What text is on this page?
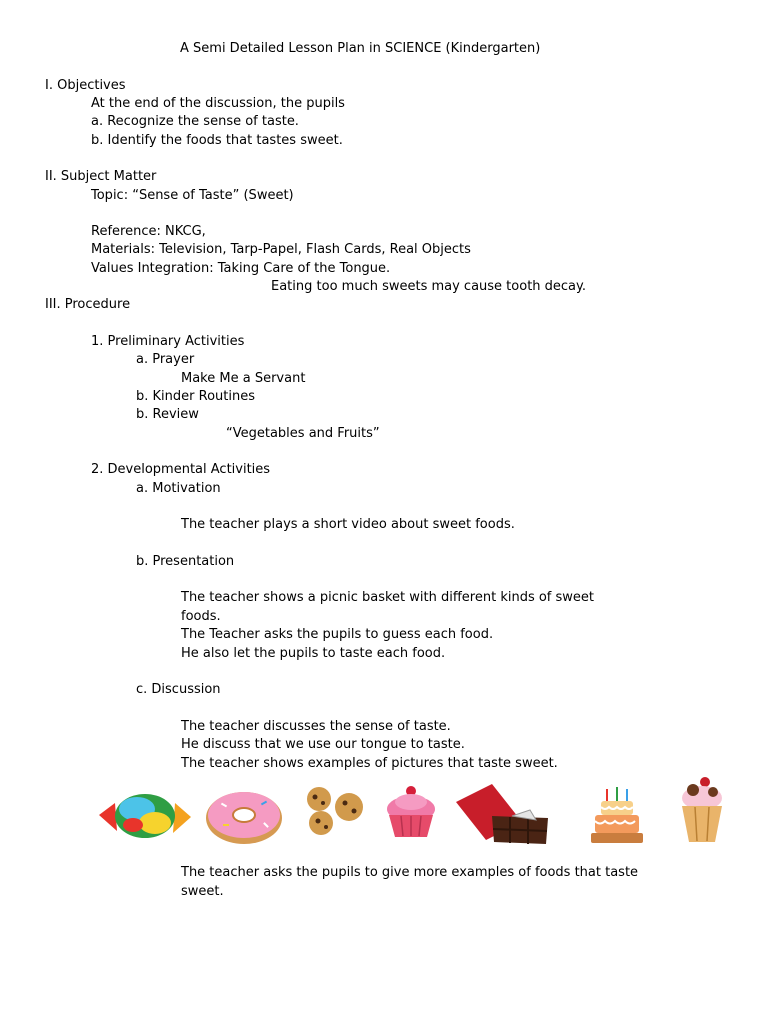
A Semi Detailed Lesson Plan in SCIENCE (Kindergarten)
I. Objectives
At the end of the discussion, the pupils
a. Recognize the sense of taste.
b. Identify the foods that tastes sweet.
II. Subject Matter
Topic: “Sense of Taste” (Sweet)
Reference: NKCG,
Materials: Television, Tarp-Papel, Flash Cards, Real Objects
Values Integration: Taking Care of the Tongue.
Eating too much sweets may cause tooth decay.
III. Procedure
1. Preliminary Activities
a. Prayer
Make Me a Servant
b. Kinder Routines
b. Review
“Vegetables and Fruits”
2. Developmental Activities
a. Motivation
The teacher plays a short video about sweet foods.
b. Presentation
The teacher shows a picnic basket with different kinds of sweet
foods.
The Teacher asks the pupils to guess each food.
He also let the pupils to taste each food.
c. Discussion
The teacher discusses the sense of taste.
He discuss that we use our tongue to taste.
The teacher shows examples of pictures that taste sweet.
The teacher asks the pupils to give more examples of foods that taste
sweet.
